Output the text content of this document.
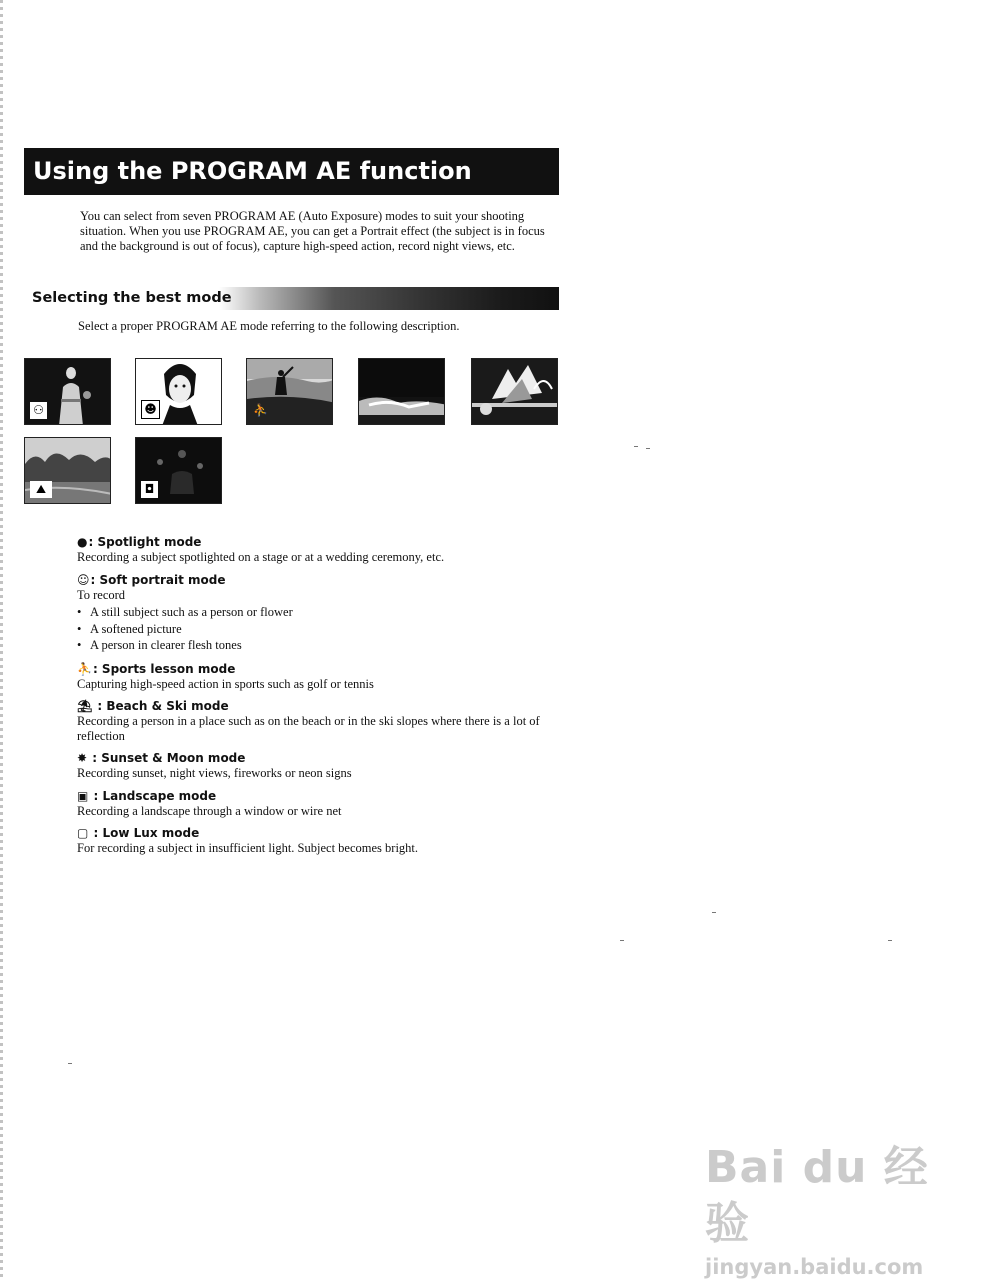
Using the PROGRAM AE function
You can select from seven PROGRAM AE (Auto Exposure) modes to suit your shooting situation. When you use PROGRAM AE, you can get a Portrait effect (the subject is in focus and the background is out of focus), capture high-speed action, record night views, etc.
Selecting the best mode
Select a proper PROGRAM AE mode referring to the following description.
⚇	☻	⛹
⛰	◘
●: Spotlight mode
Recording a subject spotlighted on a stage or at a wedding ceremony, etc.
☺: Soft portrait mode
To record
• A still subject such as a person or flower
• A softened picture
• A person in clearer flesh tones
⛹: Sports lesson mode
Capturing high-speed action in sports such as golf or tennis
⛱ : Beach & Ski mode
Recording a person in a place such as on the beach or in the ski slopes where there is a lot of reflection
✸ : Sunset & Moon mode
Recording sunset, night views, fireworks or neon signs
▣ : Landscape mode
Recording a landscape through a window or wire net
▢ : Low Lux mode
For recording a subject in insufficient light. Subject becomes bright.
Bai du 经验
jingyan.baidu.com
